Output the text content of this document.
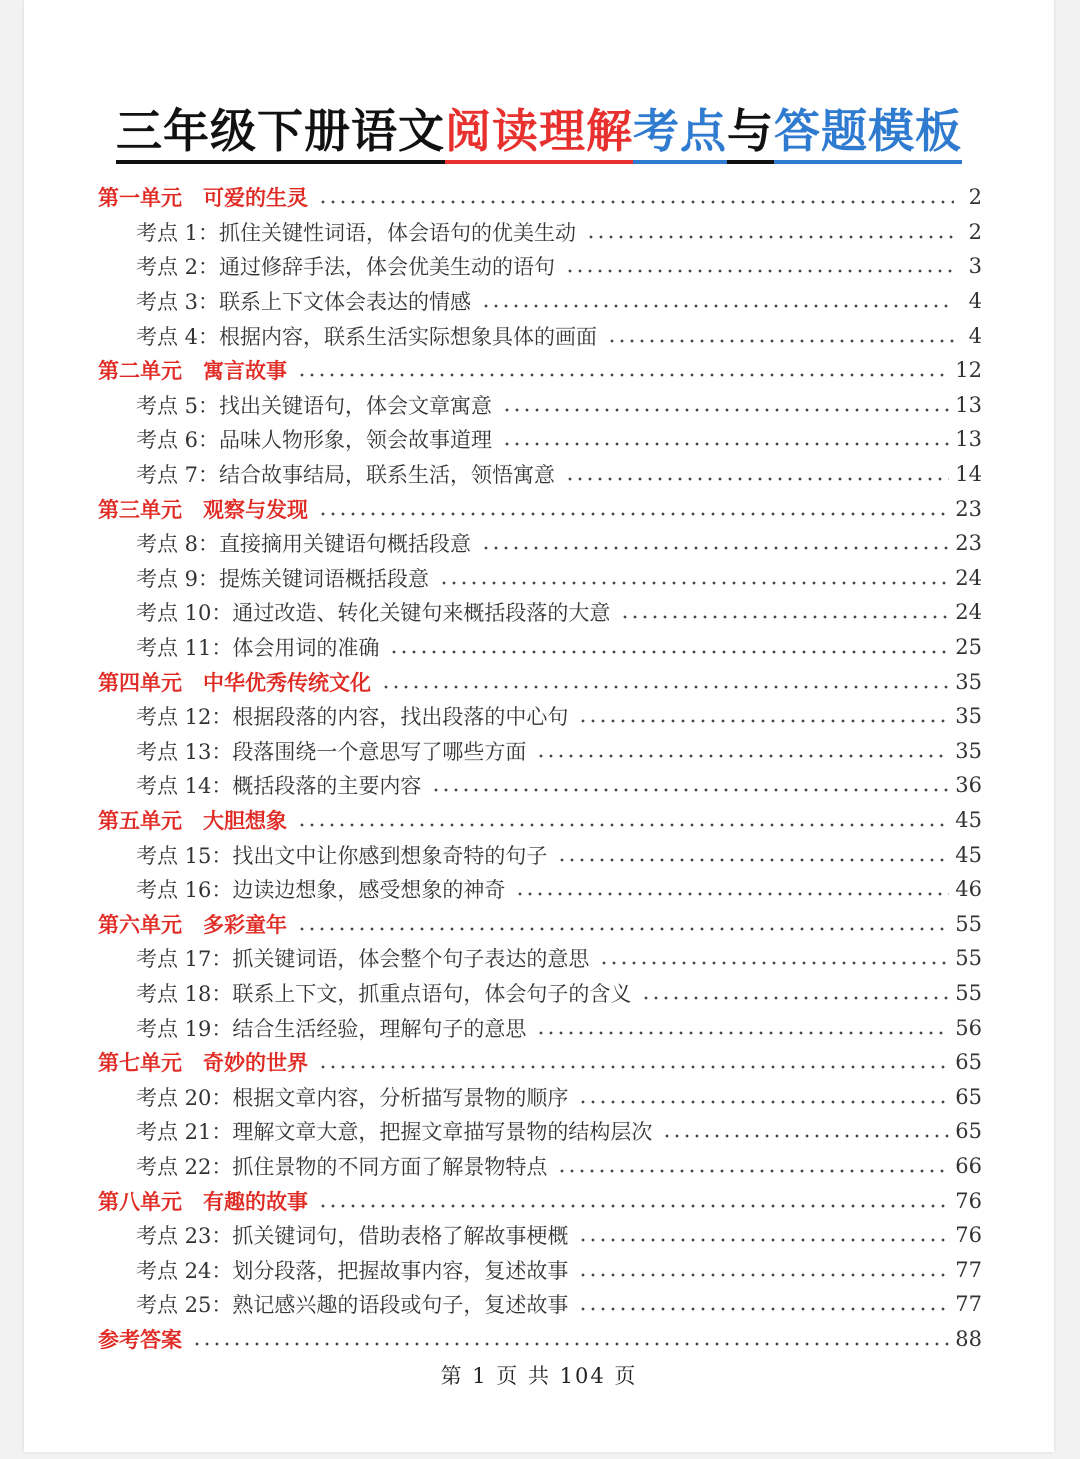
三年级下册语文阅读理解考点与答题模板
第一单元　可爱的生灵	2
考点 1：抓住关键性词语，体会语句的优美生动	2
考点 2：通过修辞手法，体会优美生动的语句	3
考点 3：联系上下文体会表达的情感	4
考点 4：根据内容，联系生活实际想象具体的画面	4
第二单元　寓言故事	12
考点 5：找出关键语句，体会文章寓意	13
考点 6：品味人物形象，领会故事道理	13
考点 7：结合故事结局，联系生活，领悟寓意	14
第三单元　观察与发现	23
考点 8：直接摘用关键语句概括段意	23
考点 9：提炼关键词语概括段意	24
考点 10：通过改造、转化关键句来概括段落的大意	24
考点 11：体会用词的准确	25
第四单元　中华优秀传统文化	35
考点 12：根据段落的内容，找出段落的中心句	35
考点 13：段落围绕一个意思写了哪些方面	35
考点 14：概括段落的主要内容	36
第五单元　大胆想象	45
考点 15：找出文中让你感到想象奇特的句子	45
考点 16：边读边想象，感受想象的神奇	46
第六单元　多彩童年	55
考点 17：抓关键词语，体会整个句子表达的意思	55
考点 18：联系上下文，抓重点语句，体会句子的含义	55
考点 19：结合生活经验，理解句子的意思	56
第七单元　奇妙的世界	65
考点 20：根据文章内容，分析描写景物的顺序	65
考点 21：理解文章大意，把握文章描写景物的结构层次	65
考点 22：抓住景物的不同方面了解景物特点	66
第八单元　有趣的故事	76
考点 23：抓关键词句，借助表格了解故事梗概	76
考点 24：划分段落，把握故事内容，复述故事	77
考点 25：熟记感兴趣的语段或句子，复述故事	77
参考答案	88
第 1 页 共 104 页
